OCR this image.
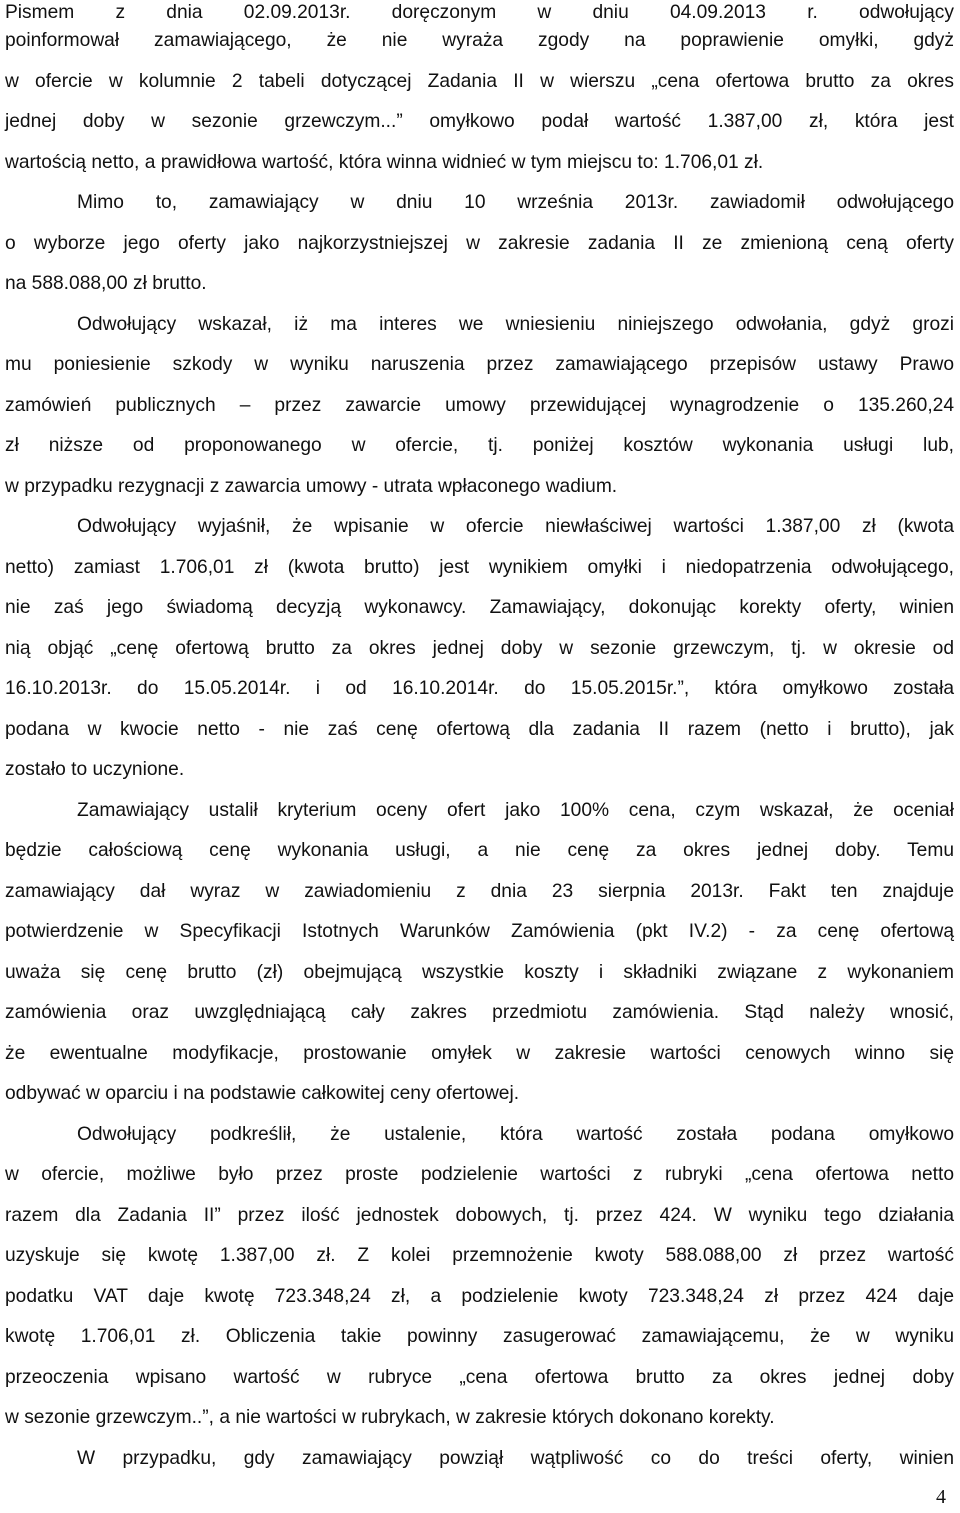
Pismem z dnia 02.09.2013r. doręczonym w dniu 04.09.2013 r. odwołujący
poinformował zamawiającego, że nie wyraża zgody na poprawienie omyłki, gdyż
w ofercie w kolumnie 2 tabeli dotyczącej Zadania II w wierszu „cena ofertowa brutto za okres
jednej doby w sezonie grzewczym...” omyłkowo podał wartość 1.387,00 zł, która jest
wartością netto, a prawidłowa wartość, która winna widnieć w tym miejscu to: 1.706,01 zł.
Mimo to, zamawiający w dniu 10 września 2013r. zawiadomił odwołującego
o wyborze jego oferty jako najkorzystniejszej w zakresie zadania II ze zmienioną ceną oferty
na 588.088,00 zł brutto.
Odwołujący wskazał, iż ma interes we wniesieniu niniejszego odwołania, gdyż grozi
mu poniesienie szkody w wyniku naruszenia przez zamawiającego przepisów ustawy Prawo
zamówień publicznych – przez zawarcie umowy przewidującej wynagrodzenie o 135.260,24
zł niższe od proponowanego w ofercie, tj. poniżej kosztów wykonania usługi lub,
w przypadku rezygnacji z zawarcia umowy - utrata wpłaconego wadium.
Odwołujący wyjaśnił, że wpisanie w ofercie niewłaściwej wartości 1.387,00 zł (kwota
netto) zamiast 1.706,01 zł (kwota brutto) jest wynikiem omyłki i niedopatrzenia odwołującego,
nie zaś jego świadomą decyzją wykonawcy. Zamawiający, dokonując korekty oferty, winien
nią objąć „cenę ofertową brutto za okres jednej doby w sezonie grzewczym, tj. w okresie od
16.10.2013r. do 15.05.2014r. i od 16.10.2014r. do 15.05.2015r.”, która omyłkowo została
podana w kwocie netto - nie zaś cenę ofertową dla zadania II razem (netto i brutto), jak
zostało to uczynione.
Zamawiający ustalił kryterium oceny ofert jako 100% cena, czym wskazał, że oceniał
będzie całościową cenę wykonania usługi, a nie cenę za okres jednej doby. Temu
zamawiający dał wyraz w zawiadomieniu z dnia 23 sierpnia 2013r. Fakt ten znajduje
potwierdzenie w Specyfikacji Istotnych Warunków Zamówienia (pkt IV.2) - za cenę ofertową
uważa się cenę brutto (zł) obejmującą wszystkie koszty i składniki związane z wykonaniem
zamówienia oraz uwzględniającą cały zakres przedmiotu zamówienia. Stąd należy wnosić,
że ewentualne modyfikacje, prostowanie omyłek w zakresie wartości cenowych winno się
odbywać w oparciu i na podstawie całkowitej ceny ofertowej.
Odwołujący podkreślił, że ustalenie, która wartość została podana omyłkowo
w ofercie, możliwe było przez proste podzielenie wartości z rubryki „cena ofertowa netto
razem dla Zadania II” przez ilość jednostek dobowych, tj. przez 424. W wyniku tego działania
uzyskuje się kwotę 1.387,00 zł. Z kolei przemnożenie kwoty 588.088,00 zł przez wartość
podatku VAT daje kwotę 723.348,24 zł, a podzielenie kwoty 723.348,24 zł przez 424 daje
kwotę 1.706,01 zł. Obliczenia takie powinny zasugerować zamawiającemu, że w wyniku
przeoczenia wpisano wartość w rubryce „cena ofertowa brutto za okres jednej doby
w sezonie grzewczym..”, a nie wartości w rubrykach, w zakresie których dokonano korekty.
W przypadku, gdy zamawiający powziął wątpliwość co do treści oferty, winien
4
